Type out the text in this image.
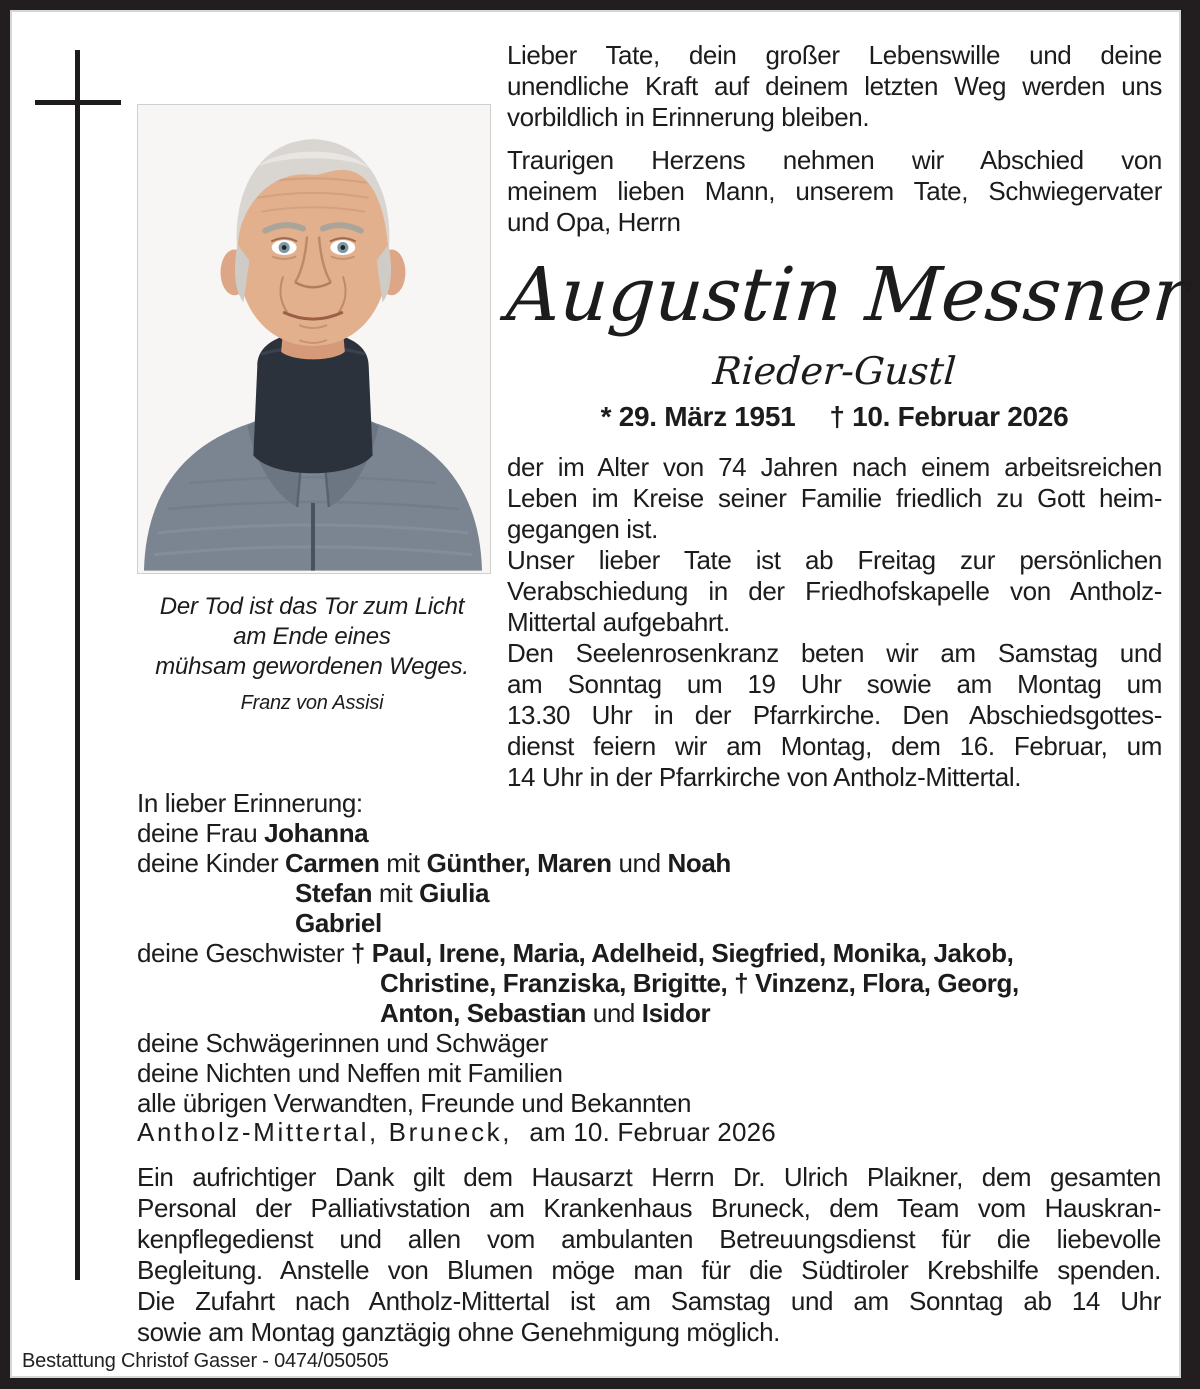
Der Tod ist das Tor zum Licht
am Ende eines
mühsam gewordenen Weges.
Franz von Assisi
Lieber Tate, dein großer Lebenswille und deine
unendliche Kraft auf deinem letzten Weg werden uns
vorbildlich in Erinnerung bleiben.
Traurigen Herzens nehmen wir Abschied von
meinem lieben Mann, unserem Tate, Schwiegervater
und Opa, Herrn
Augustin Messner
Rieder-Gustl
* 29. März 1951 † 10. Februar 2026
der im Alter von 74 Jahren nach einem arbeitsreichen
Leben im Kreise seiner Familie friedlich zu Gott heim-
gegangen ist.
Unser lieber Tate ist ab Freitag zur persönlichen
Verabschiedung in der Friedhofskapelle von Antholz-
Mittertal aufgebahrt.
Den Seelenrosenkranz beten wir am Samstag und
am Sonntag um 19 Uhr sowie am Montag um
13.30 Uhr in der Pfarrkirche. Den Abschiedsgottes-
dienst feiern wir am Montag, dem 16. Februar, um
14 Uhr in der Pfarrkirche von Antholz-Mittertal.
In lieber Erinnerung:
deine Frau Johanna
deine Kinder Carmen mit Günther, Maren und Noah
Stefan mit Giulia
Gabriel
deine Geschwister † Paul, Irene, Maria, Adelheid, Siegfried, Monika, Jakob,
Christine, Franziska, Brigitte, † Vinzenz, Flora, Georg,
Anton, Sebastian und Isidor
deine Schwägerinnen und Schwäger
deine Nichten und Neffen mit Familien
alle übrigen Verwandten, Freunde und Bekannten
Antholz-Mittertal, Bruneck, am 10. Februar 2026
Ein aufrichtiger Dank gilt dem Hausarzt Herrn Dr. Ulrich Plaikner, dem gesamten
Personal der Palliativstation am Krankenhaus Bruneck, dem Team vom Hauskran-
kenpflegedienst und allen vom ambulanten Betreuungsdienst für die liebevolle
Begleitung. Anstelle von Blumen möge man für die Südtiroler Krebshilfe spenden.
Die Zufahrt nach Antholz-Mittertal ist am Samstag und am Sonntag ab 14 Uhr
sowie am Montag ganztägig ohne Genehmigung möglich.
Bestattung Christof Gasser - 0474/050505
